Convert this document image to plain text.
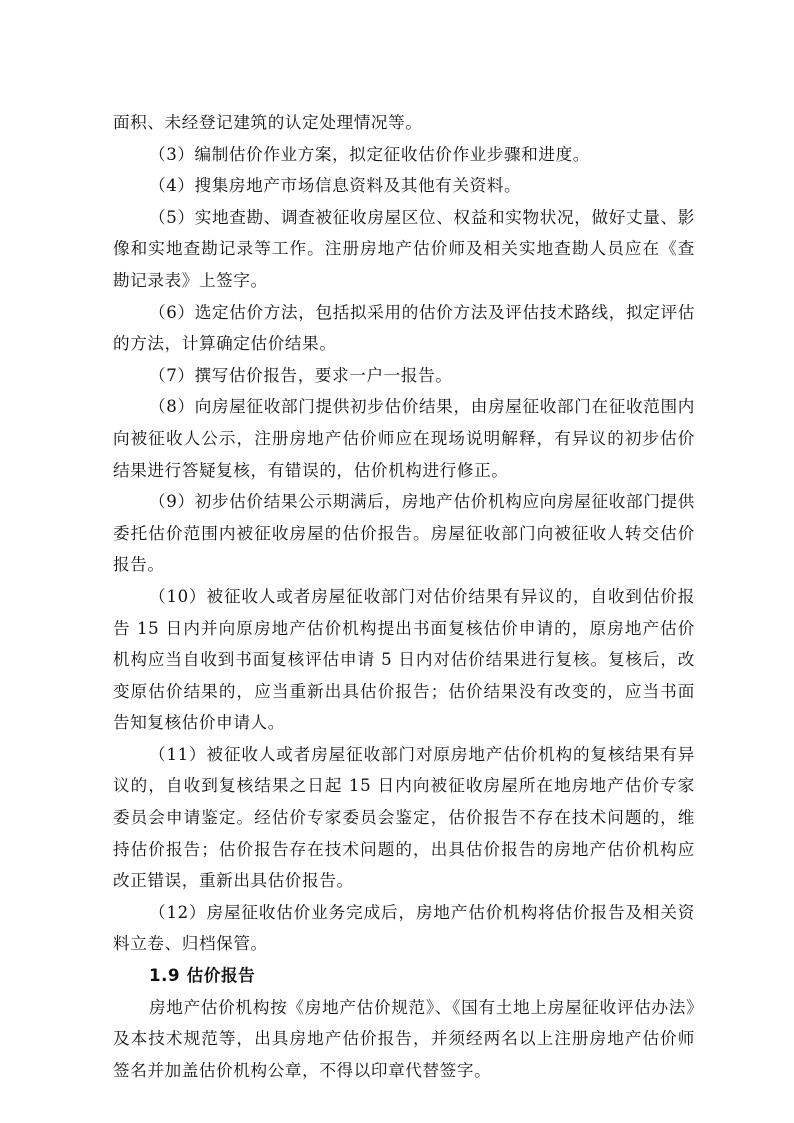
面积、未经登记建筑的认定处理情况等。

（3）编制估价作业方案，拟定征收估价作业步骤和进度。

（4）搜集房地产市场信息资料及其他有关资料。

（5）实地查勘、调查被征收房屋区位、权益和实物状况，做好丈量、影像和实地查勘记录等工作。注册房地产估价师及相关实地查勘人员应在《查勘记录表》上签字。

（6）选定估价方法，包括拟采用的估价方法及评估技术路线，拟定评估的方法，计算确定估价结果。

（7）撰写估价报告，要求一户一报告。

（8）向房屋征收部门提供初步估价结果，由房屋征收部门在征收范围内向被征收人公示，注册房地产估价师应在现场说明解释，有异议的初步估价结果进行答疑复核，有错误的，估价机构进行修正。

（9）初步估价结果公示期满后，房地产估价机构应向房屋征收部门提供委托估价范围内被征收房屋的估价报告。房屋征收部门向被征收人转交估价报告。

（10）被征收人或者房屋征收部门对估价结果有异议的，自收到估价报告 15 日内并向原房地产估价机构提出书面复核估价申请的，原房地产估价机构应当自收到书面复核评估申请 5 日内对估价结果进行复核。复核后，改变原估价结果的，应当重新出具估价报告；估价结果没有改变的，应当书面告知复核估价申请人。

（11）被征收人或者房屋征收部门对原房地产估价机构的复核结果有异议的，自收到复核结果之日起 15 日内向被征收房屋所在地房地产估价专家委员会申请鉴定。经估价专家委员会鉴定，估价报告不存在技术问题的，维持估价报告；估价报告存在技术问题的，出具估价报告的房地产估价机构应改正错误，重新出具估价报告。

（12）房屋征收估价业务完成后，房地产估价机构将估价报告及相关资料立卷、归档保管。

1.9 估价报告

房地产估价机构按《房地产估价规范》、《国有土地上房屋征收评估办法》及本技术规范等，出具房地产估价报告，并须经两名以上注册房地产估价师签名并加盖估价机构公章，不得以印章代替签字。
